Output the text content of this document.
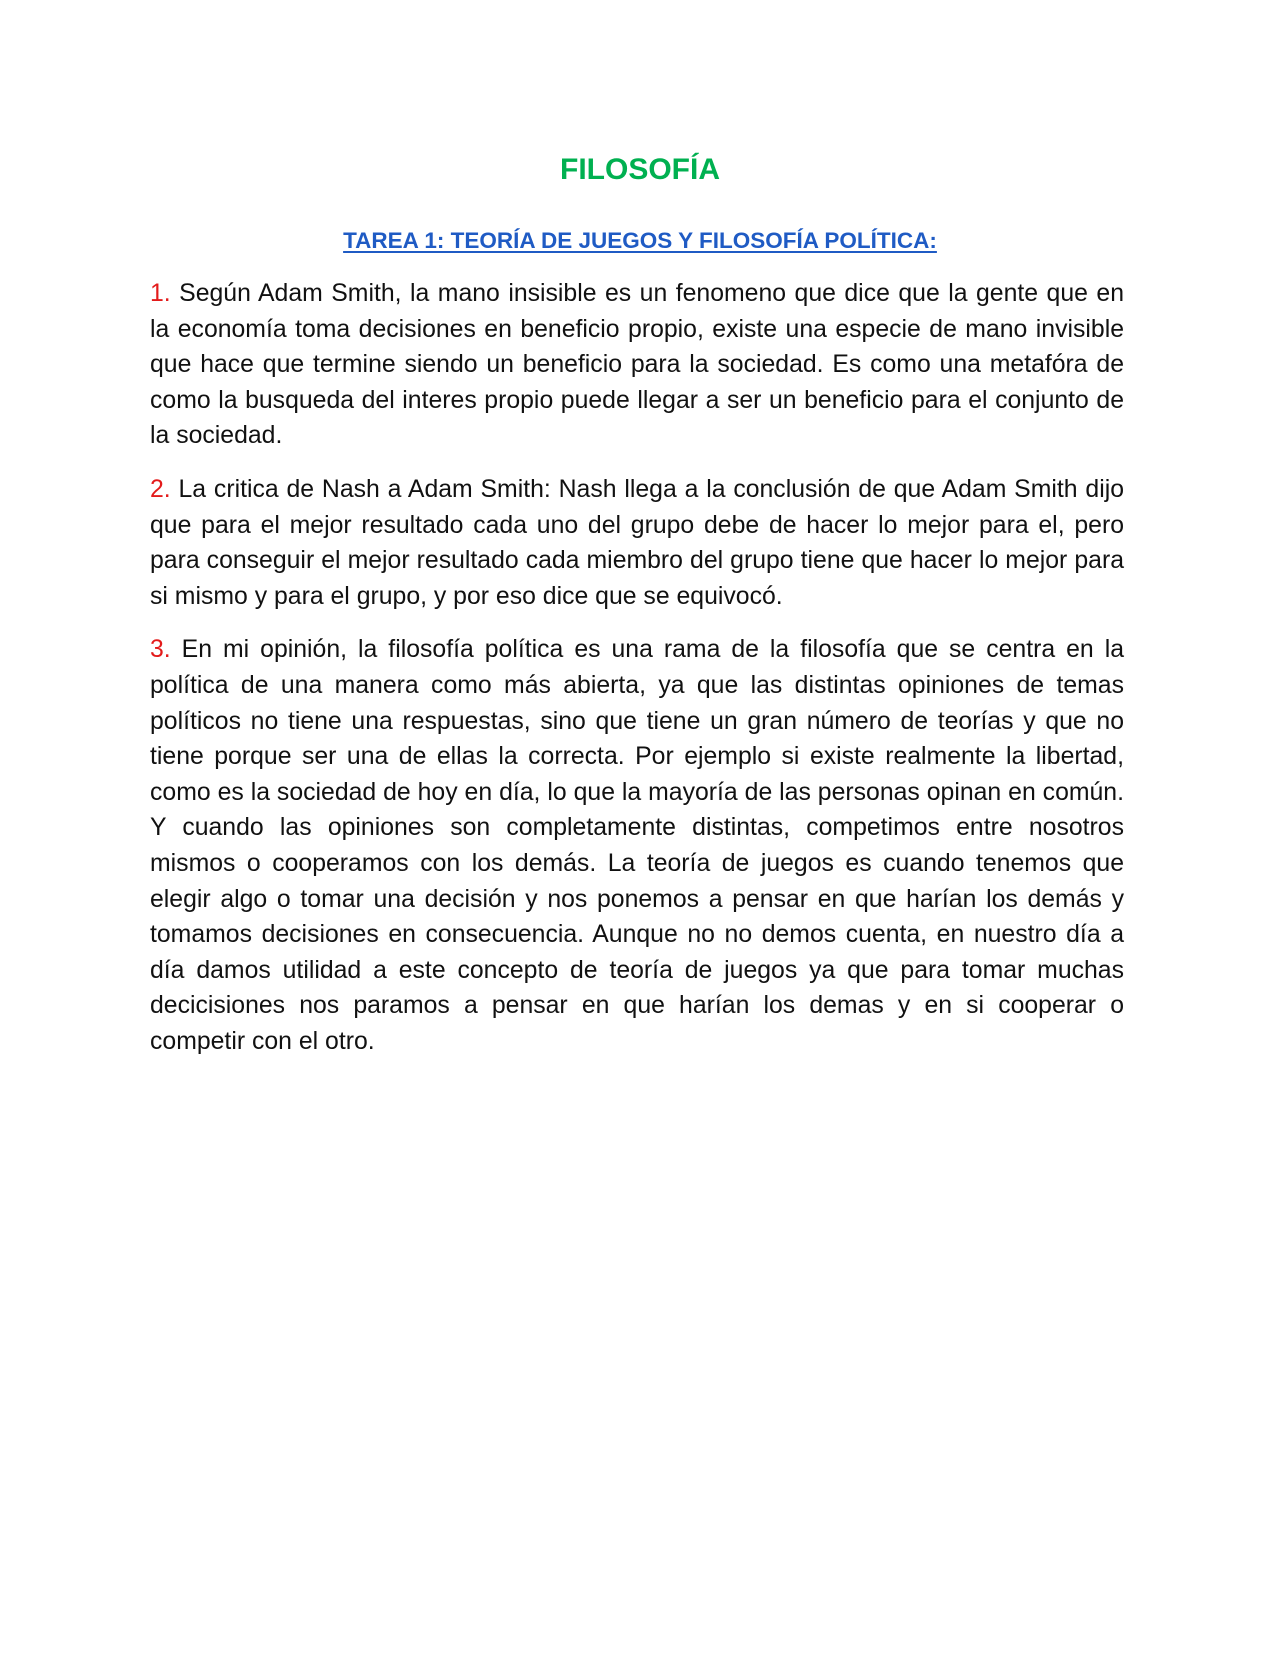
FILOSOFÍA
TAREA 1: TEORÍA DE JUEGOS Y FILOSOFÍA POLÍTICA:

1. Según Adam Smith, la mano insisible es un fenomeno que dice que la gente que en la economía toma decisiones en beneficio propio, existe una especie de mano invisible que hace que termine siendo un beneficio para la sociedad. Es como una metafóra de como la busqueda del interes propio puede llegar a ser un beneficio para el conjunto de la sociedad.

2. La critica de Nash a Adam Smith: Nash llega a la conclusión de que Adam Smith dijo que para el mejor resultado cada uno del grupo debe de hacer lo mejor para el, pero para conseguir el mejor resultado cada miembro del grupo tiene que hacer lo mejor para si mismo y para el grupo, y por eso dice que se equivocó.

3. En mi opinión, la filosofía política es una rama de la filosofía que se centra en la política de una manera como más abierta, ya que las distintas opiniones de temas políticos no tiene una respuestas, sino que tiene un gran número de teorías y que no tiene porque ser una de ellas la correcta. Por ejemplo si existe realmente la libertad, como es la sociedad de hoy en día, lo que la mayoría de las personas opinan en común. Y cuando las opiniones son completamente distintas, competimos entre nosotros mismos o cooperamos con los demás. La teoría de juegos es cuando tenemos que elegir algo o tomar una decisión y nos ponemos a pensar en que harían los demás y tomamos decisiones en consecuencia. Aunque no no demos cuenta, en nuestro día a día damos utilidad a este concepto de teoría de juegos ya que para tomar muchas decicisiones nos paramos a pensar en que harían los demas y en si cooperar o competir con el otro.
